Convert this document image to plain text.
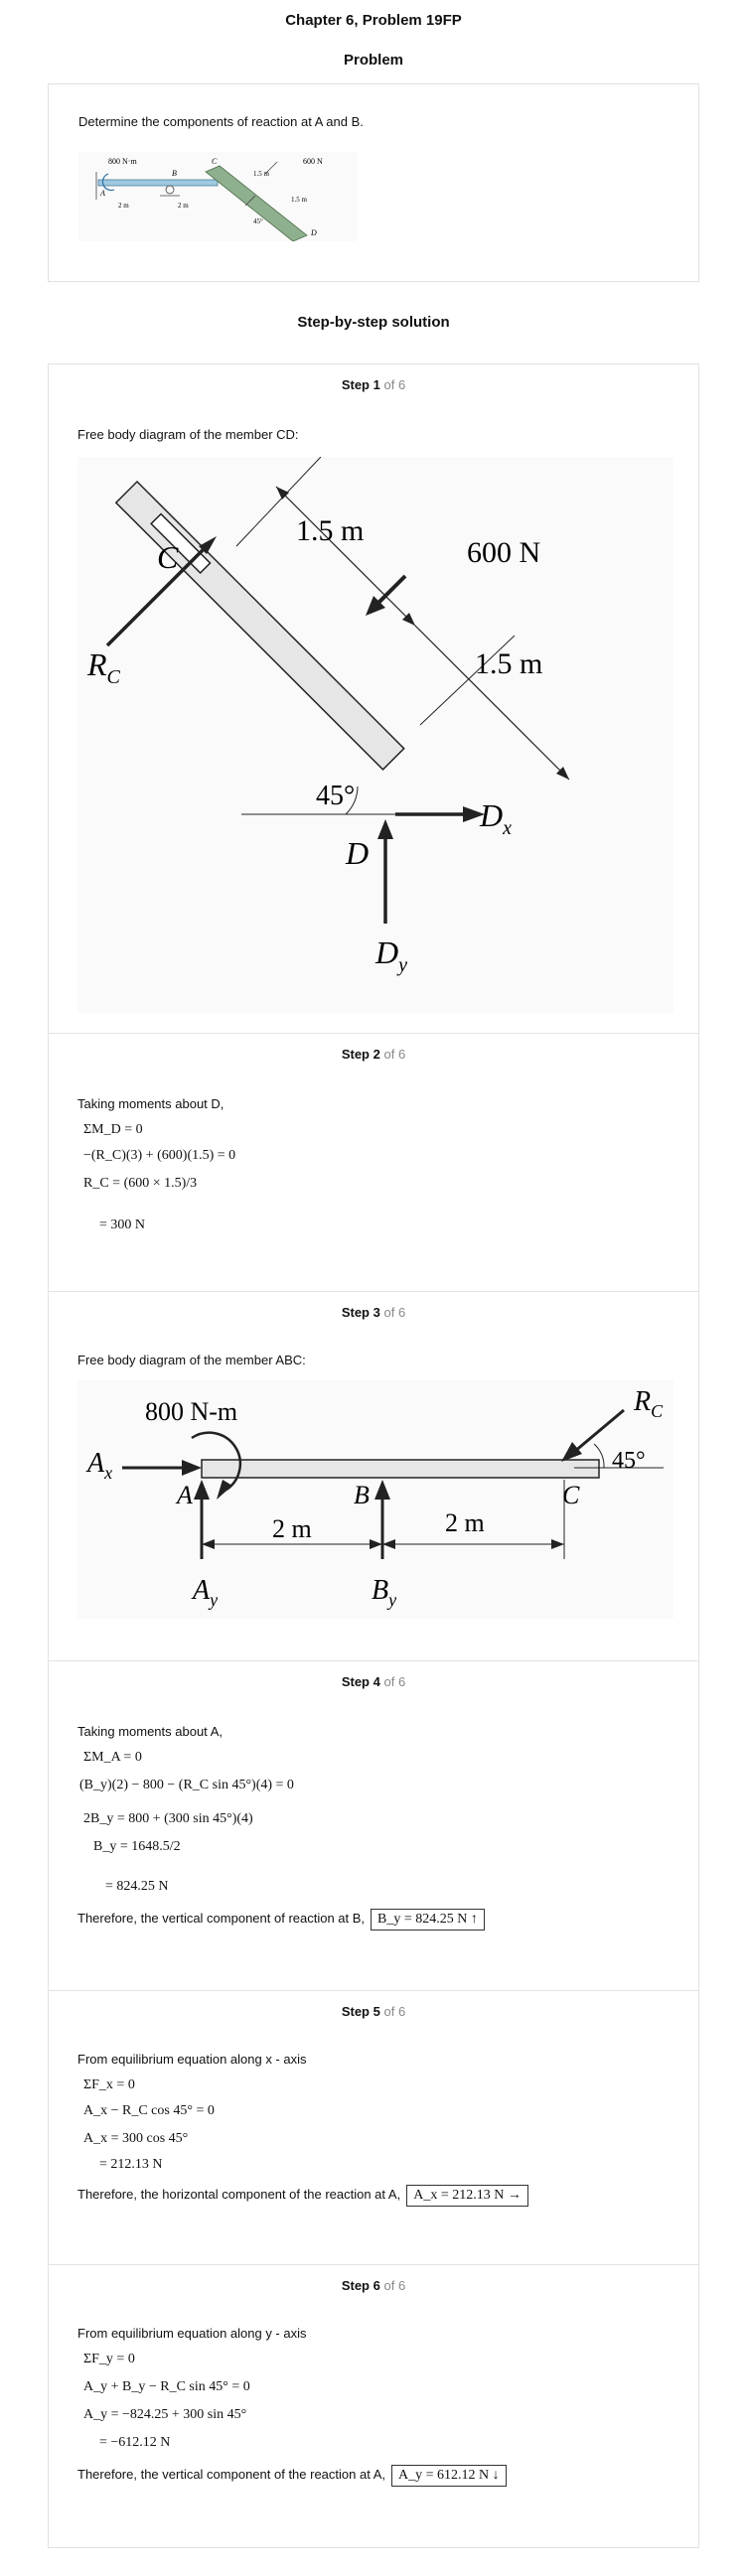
Chapter 6, Problem 19FP
Problem
Determine the components of reaction at A and B.
800 N·m	600 N
1.5 m
1.5 m
2 m	2 m
45°
A
B
C
D
Step-by-step solution
Step 1 of 6
Free body diagram of the member CD:
1.5 m
600 N
1.5 m
45°
C
$R_C$
$D_x$
D
$D_y$
Step 2 of 6
Taking moments about D,
ΣM_D = 0
−(R_C)(3) + (600)(1.5) = 0
R_C = (600 × 1.5)/3
= 300 N
Step 3 of 6
Free body diagram of the member ABC:
800 N-m
$A_x$
A	B	C
2 m	2 m
45°
$R_C$
$A_y$	$B_y$
Step 4 of 6
Taking moments about A,
ΣM_A = 0
(B_y)(2) − 800 − (R_C sin 45°)(4) = 0
2B_y = 800 + (300 sin 45°)(4)
B_y = 1648.5/2
= 824.25 N
Therefore, the vertical component of reaction at B, B_y = 824.25 N ↑
Step 5 of 6
From equilibrium equation along x - axis
ΣF_x = 0
A_x − R_C cos 45° = 0
A_x = 300 cos 45°
= 212.13 N
Therefore, the horizontal component of the reaction at A, A_x = 212.13 N →
Step 6 of 6
From equilibrium equation along y - axis
ΣF_y = 0
A_y + B_y − R_C sin 45° = 0
A_y = −824.25 + 300 sin 45°
= −612.12 N
Therefore, the vertical component of the reaction at A, A_y = 612.12 N ↓
